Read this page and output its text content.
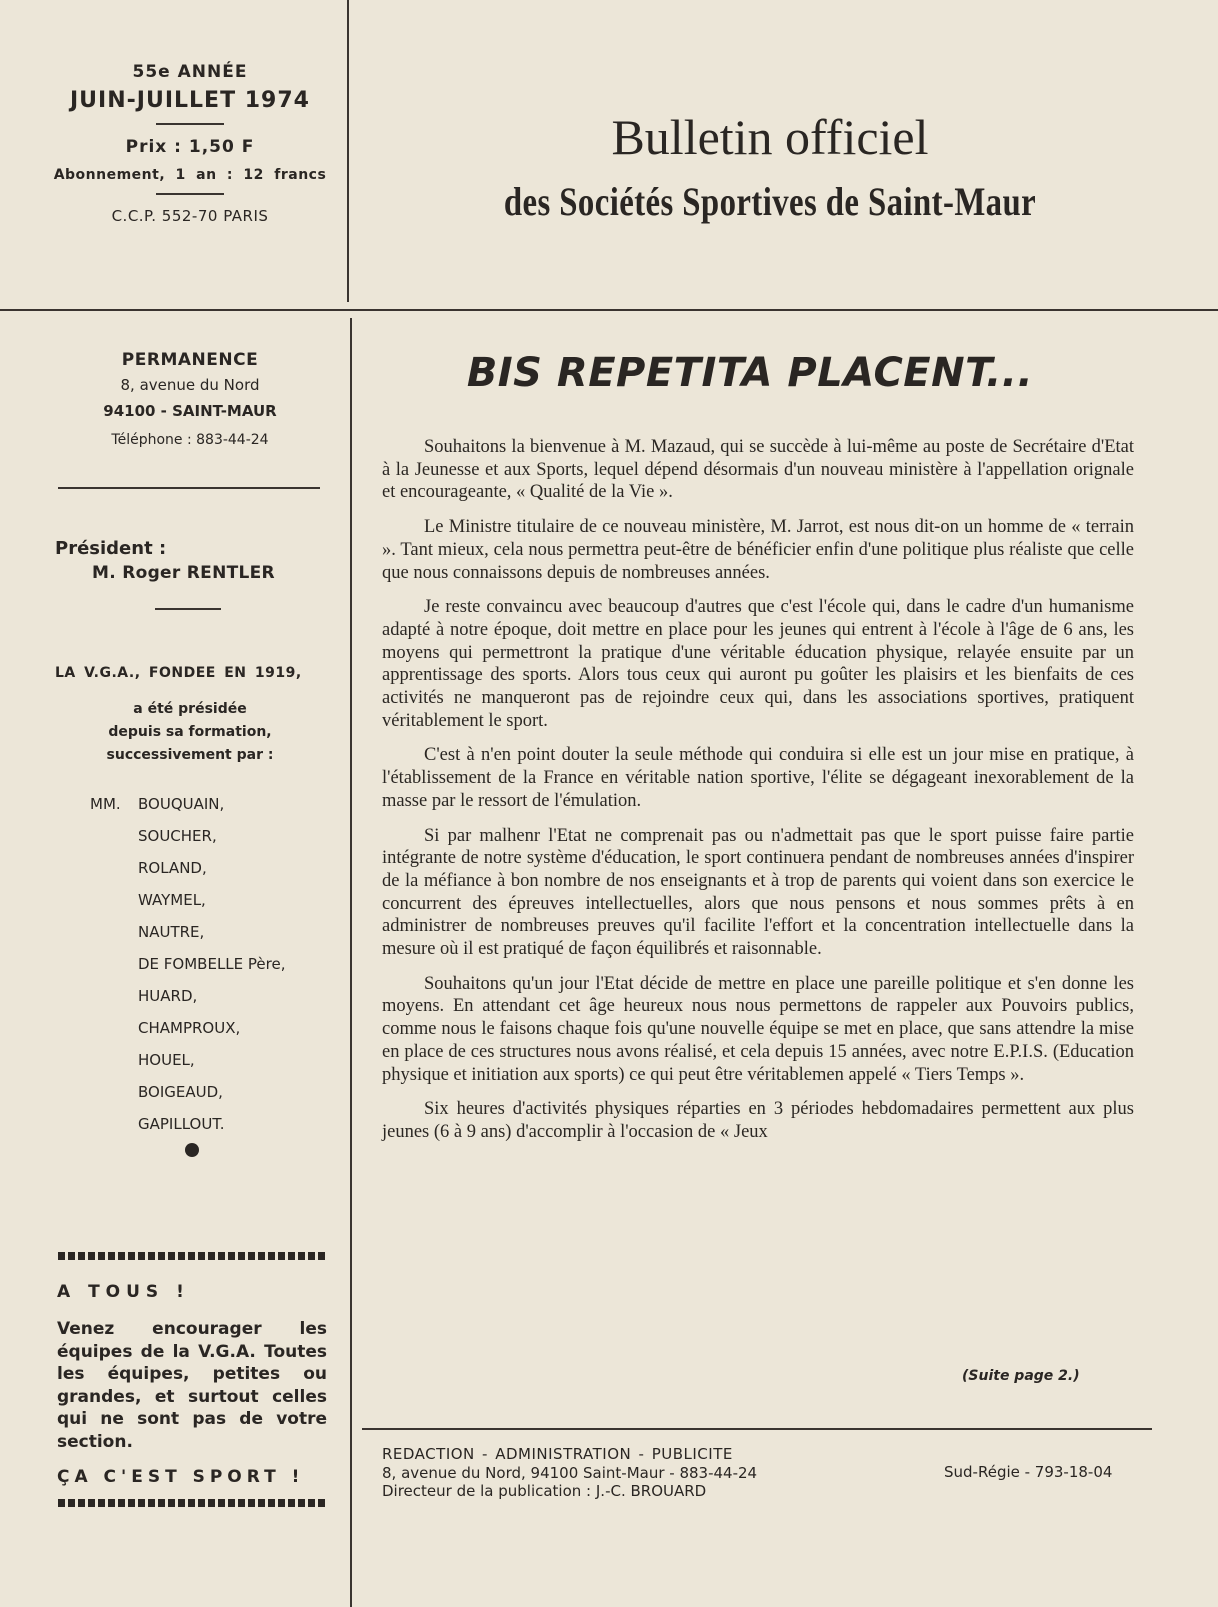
55e ANNÉE
JUIN-JUILLET 1974
Prix : 1,50 F
Abonnement, 1 an : 12 francs
C.C.P. 552-70 PARIS
Bulletin officiel
des Sociétés Sportives de Saint-Maur
PERMANENCE
8, avenue du Nord
94100 - SAINT-MAUR
Téléphone : 883-44-24
Président :
M. Roger RENTLER
LA V.G.A., FONDEE EN 1919,
a été présidée
depuis sa formation,
successivement par :
MM. BOUQUAIN,
SOUCHER,
ROLAND,
WAYMEL,
NAUTRE,
DE FOMBELLE Père,
HUARD,
CHAMPROUX,
HOUEL,
BOIGEAUD,
GAPILLOUT.
A TOUS !
Venez encourager les équipes de la V.G.A. Toutes les équipes, petites ou grandes, et surtout celles qui ne sont pas de votre section.
ÇA C'EST SPORT !
BIS REPETITA PLACENT...

Souhaitons la bienvenue à M. Mazaud, qui se succède à lui-même au poste de Secrétaire d'Etat à la Jeunesse et aux Sports, lequel dépend désormais d'un nouveau ministère à l'appellation orignale et encourageante, « Qualité de la Vie ».

Le Ministre titulaire de ce nouveau ministère, M. Jarrot, est nous dit-on un homme de « terrain ». Tant mieux, cela nous permettra peut-être de bénéficier enfin d'une politique plus réaliste que celle que nous connaissons depuis de nombreuses années.

Je reste convaincu avec beaucoup d'autres que c'est l'école qui, dans le cadre d'un humanisme adapté à notre époque, doit mettre en place pour les jeunes qui entrent à l'école à l'âge de 6 ans, les moyens qui permettront la pratique d'une véritable éducation physique, relayée ensuite par un apprentissage des sports. Alors tous ceux qui auront pu goûter les plaisirs et les bienfaits de ces activités ne manqueront pas de rejoindre ceux qui, dans les associations sportives, pratiquent véritablement le sport.

C'est à n'en point douter la seule méthode qui conduira si elle est un jour mise en pratique, à l'établissement de la France en véritable nation sportive, l'élite se dégageant inexorablement de la masse par le ressort de l'émulation.

Si par malhenr l'Etat ne comprenait pas ou n'admettait pas que le sport puisse faire partie intégrante de notre système d'éducation, le sport continuera pendant de nombreuses années d'inspirer de la méfiance à bon nombre de nos enseignants et à trop de parents qui voient dans son exercice le concurrent des épreuves intellectuelles, alors que nous pensons et nous sommes prêts à en administrer de nombreuses preuves qu'il facilite l'effort et la concentration intellectuelle dans la mesure où il est pratiqué de façon équilibrés et raisonnable.

Souhaitons qu'un jour l'Etat décide de mettre en place une pareille politique et s'en donne les moyens. En attendant cet âge heureux nous nous permettons de rappeler aux Pouvoirs publics, comme nous le faisons chaque fois qu'une nouvelle équipe se met en place, que sans attendre la mise en place de ces structures nous avons réalisé, et cela depuis 15 années, avec notre E.P.I.S. (Education physique et initiation aux sports) ce qui peut être véritablemen appelé « Tiers Temps ».

Six heures d'activités physiques réparties en 3 périodes hebdomadaires permettent aux plus jeunes (6 à 9 ans) d'accomplir à l'occasion de « Jeux

(Suite page 2.)
REDACTION - ADMINISTRATION - PUBLICITE
8, avenue du Nord, 94100 Saint-Maur - 883-44-24
Directeur de la publication : J.-C. BROUARD
Sud-Régie - 793-18-04
